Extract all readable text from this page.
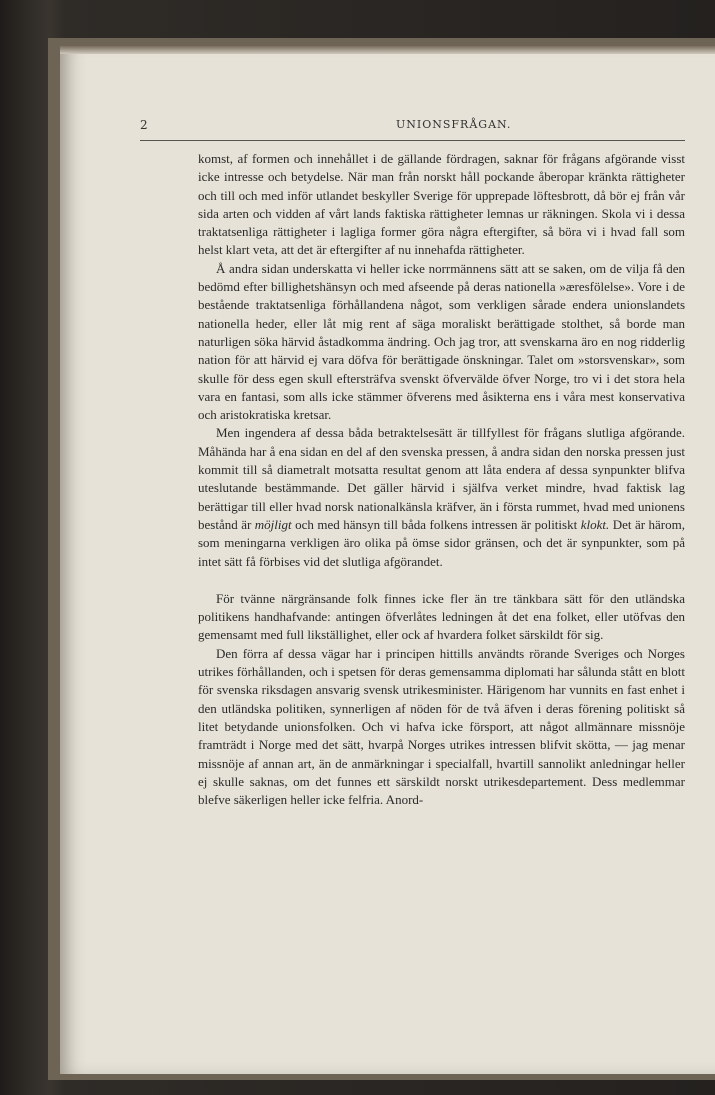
2	UNIONSFRÅGAN.

komst, af formen och innehållet i de gällande fördragen, saknar för frågans afgörande visst icke intresse och betydelse. När man från norskt håll pockande åberopar kränkta rättigheter och till och med inför utlandet beskyller Sverige för upprepade löftesbrott, då bör ej från vår sida arten och vidden af vårt lands faktiska rättigheter lemnas ur räkningen. Skola vi i dessa traktatsenliga rättigheter i lagliga former göra några eftergifter, så böra vi i hvad fall som helst klart veta, att det är eftergifter af nu innehafda rättigheter.

Å andra sidan underskatta vi heller icke norrmännens sätt att se saken, om de vilja få den bedömd efter billighetshänsyn och med afseende på deras nationella »æresfölelse». Vore i de bestående traktatsenliga förhållandena något, som verkligen sårade endera unionslandets nationella heder, eller låt mig rent af säga moraliskt berättigade stolthet, så borde man naturligen söka härvid åstadkomma ändring. Och jag tror, att svenskarna äro en nog ridderlig nation för att härvid ej vara döfva för berättigade önskningar. Talet om »storsvenskar», som skulle för dess egen skull eftersträfva svenskt öfvervälde öfver Norge, tro vi i det stora hela vara en fantasi, som alls icke stämmer öfverens med åsikterna ens i våra mest konservativa och aristokratiska kretsar.

Men ingendera af dessa båda betraktelsesätt är tillfyllest för frågans slutliga afgörande. Måhända har å ena sidan en del af den svenska pressen, å andra sidan den norska pressen just kommit till så diametralt motsatta resultat genom att låta endera af dessa synpunkter blifva uteslutande bestämmande. Det gäller härvid i själfva verket mindre, hvad faktisk lag berättigar till eller hvad norsk nationalkänsla kräfver, än i första rummet, hvad med unionens bestånd är möjligt och med hänsyn till båda folkens intressen är politiskt klokt. Det är härom, som meningarna verkligen äro olika på ömse sidor gränsen, och det är synpunkter, som på intet sätt få förbises vid det slutliga afgörandet.

För tvänne närgränsande folk finnes icke fler än tre tänkbara sätt för den utländska politikens handhafvande: antingen öfverlåtes ledningen åt det ena folket, eller utöfvas den gemensamt med full likställighet, eller ock af hvardera folket särskildt för sig.

Den förra af dessa vägar har i principen hittills användts rörande Sveriges och Norges utrikes förhållanden, och i spetsen för deras gemensamma diplomati har sålunda stått en blott för svenska riksdagen ansvarig svensk utrikesminister. Härigenom har vunnits en fast enhet i den utländska politiken, synnerligen af nöden för de två äfven i deras förening politiskt så litet betydande unionsfolken. Och vi hafva icke försport, att något allmännare missnöje framträdt i Norge med det sätt, hvarpå Norges utrikes intressen blifvit skötta, — jag menar missnöje af annan art, än de anmärkningar i specialfall, hvartill sannolikt anledningar heller ej skulle saknas, om det funnes ett särskildt norskt utrikesdepartement. Dess medlemmar blefve säkerligen heller icke felfria. Anord-
